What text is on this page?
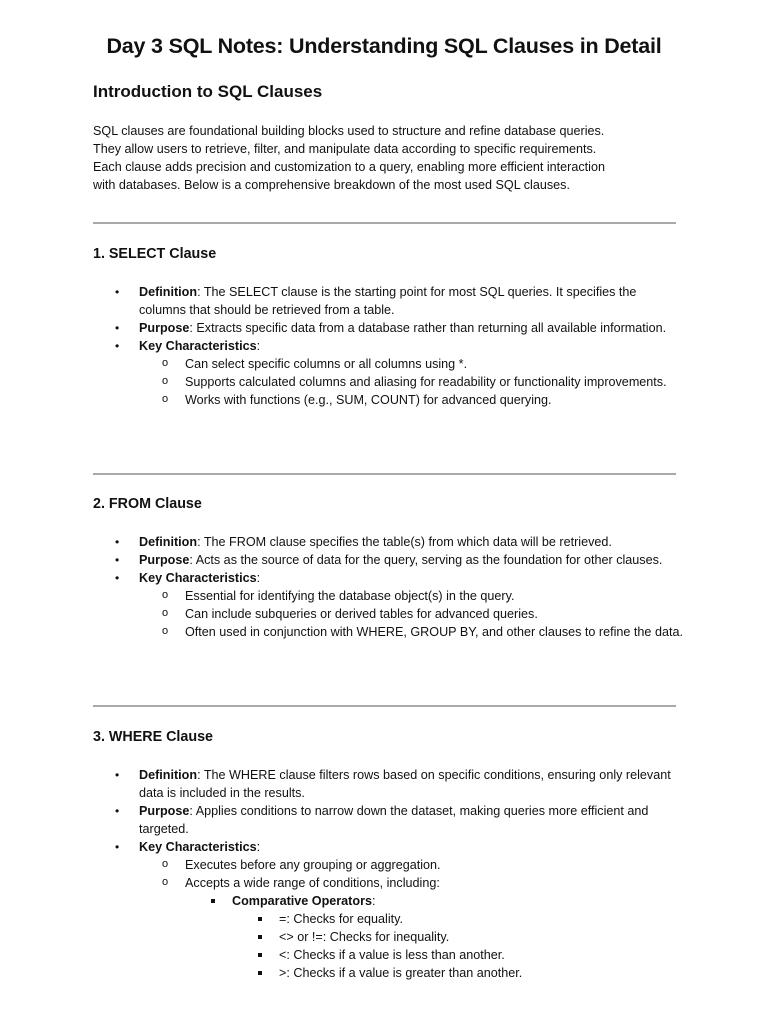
Day 3 SQL Notes: Understanding SQL Clauses in Detail
Introduction to SQL Clauses

SQL clauses are foundational building blocks used to structure and refine database queries.
They allow users to retrieve, filter, and manipulate data according to specific requirements.
Each clause adds precision and customization to a query, enabling more efficient interaction
with databases. Below is a comprehensive breakdown of the most used SQL clauses.

1. SELECT Clause
• Definition: The SELECT clause is the starting point for most SQL queries. It specifies the columns that should be retrieved from a table.
• Purpose: Extracts specific data from a database rather than returning all available information.
• Key Characteristics:
o Can select specific columns or all columns using *.
o Supports calculated columns and aliasing for readability or functionality improvements.
o Works with functions (e.g., SUM, COUNT) for advanced querying.
2. FROM Clause
• Definition: The FROM clause specifies the table(s) from which data will be retrieved.
• Purpose: Acts as the source of data for the query, serving as the foundation for other clauses.
• Key Characteristics:
o Essential for identifying the database object(s) in the query.
o Can include subqueries or derived tables for advanced queries.
o Often used in conjunction with WHERE, GROUP BY, and other clauses to refine the data.
3. WHERE Clause
• Definition: The WHERE clause filters rows based on specific conditions, ensuring only relevant data is included in the results.
• Purpose: Applies conditions to narrow down the dataset, making queries more efficient and targeted.
• Key Characteristics:
o Executes before any grouping or aggregation.
o Accepts a wide range of conditions, including:
Comparative Operators:
=: Checks for equality.
<> or !=: Checks for inequality.
<: Checks if a value is less than another.
>: Checks if a value is greater than another.
